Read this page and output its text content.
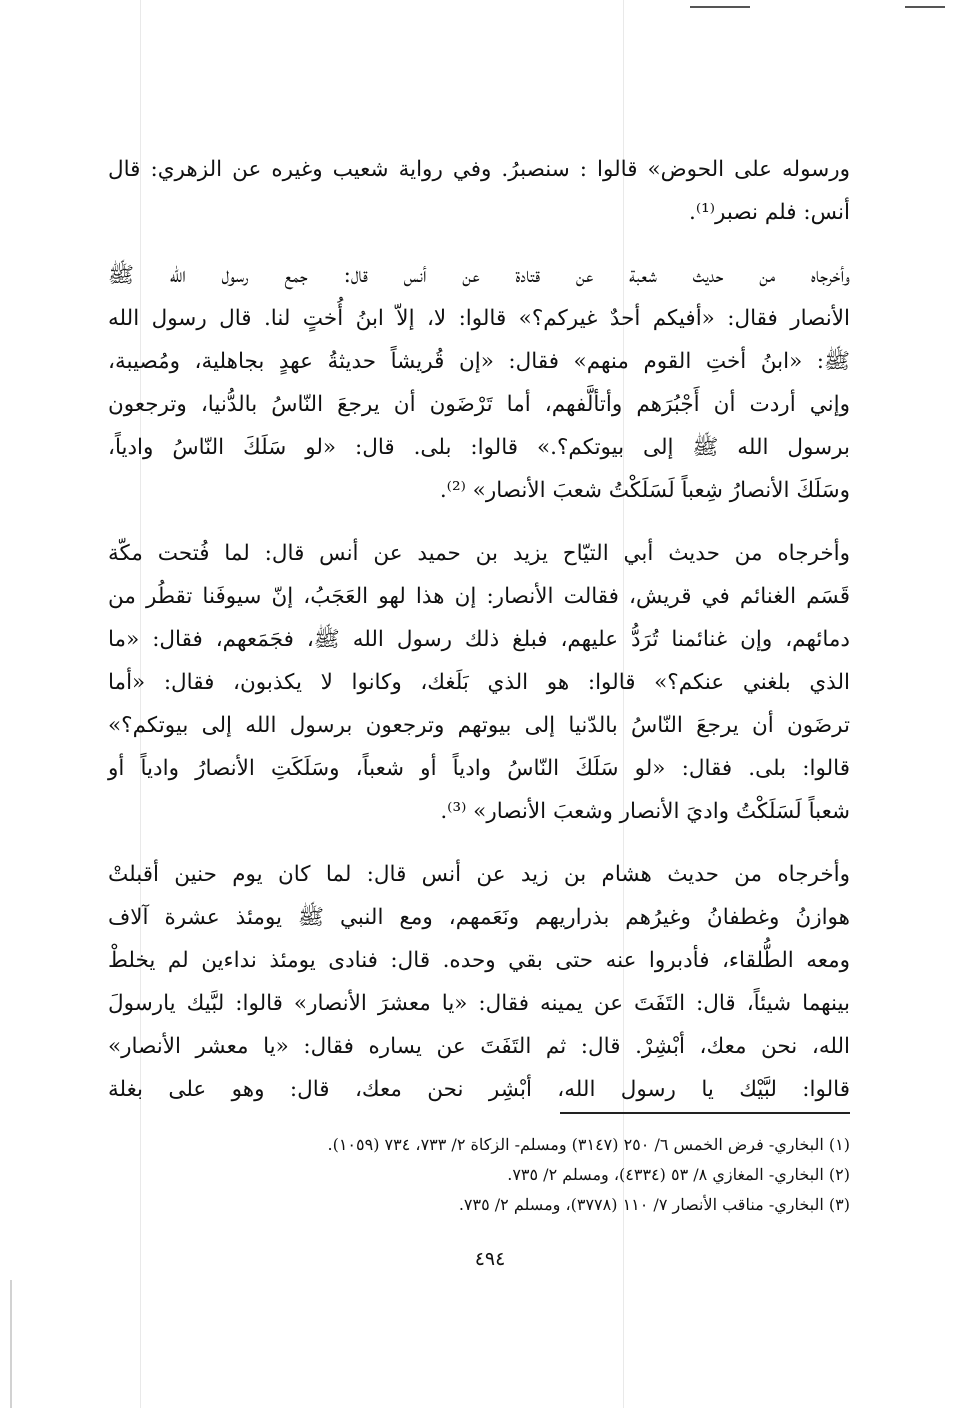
ورسوله على الحوض» قالوا : سنصبرُ. وفي رواية شعيب وغيره عن الزهري: قال
أنس: فلم نصبر⁽¹⁾.

وأخرجاه من حديث شعبة عن قتادة عن أنس قال: جمع رسول الله ﷺ
الأنصار فقال: «أفيكم أحدٌ غيركم؟» قالوا: لا، إلاّ ابنُ أُختٍ لنا. قال رسول الله
ﷺ: «ابنُ أختِ القوم منهم» فقال: «إن قُريشاً حديثةُ عهدٍ بجاهلية، ومُصيبة،
وإني أردت أن أَجْبُرَهم وأتألَّفهم، أما تَرْضَون أن يرجعَ النّاسُ بالدُّنيا، وترجعون
برسول الله ﷺ إلى بيوتكم؟.» قالوا: بلى. قال: «لو سَلَكَ النّاسُ وادياً،
وسَلَكَ الأنصارُ شِعباً لَسَلَكْتُ شعبَ الأنصار» ⁽²⁾.

وأخرجاه من حديث أبي التيّاح يزيد بن حميد عن أنس قال: لما فُتحت مكّة
قَسَم الغنائم في قريش، فقالت الأنصار: إن هذا لهو العَجَبُ، إنّ سيوفَنا تقطُر من
دمائهم، وإن غنائمنا تُرَدُّ عليهم، فبلغ ذلك رسول الله ﷺ، فجَمَعهم، فقال: «ما
الذي بلغني عنكم؟» قالوا: هو الذي بَلَغك، وكانوا لا يكذبون، فقال: «أما
ترضَون أن يرجعَ النّاسُ بالدّنيا إلى بيوتهم وترجعون برسول الله إلى بيوتكم؟»
قالوا: بلى. فقال: «لو سَلَكَ النّاسُ وادياً أو شعباً، وسَلَكَتِ الأنصارُ وادياً أو
شعباً لَسَلَكْتُ واديَ الأنصار وشعبَ الأنصار» ⁽³⁾.

وأخرجاه من حديث هشام بن زيد عن أنس قال: لما كان يوم حنين أقبلتْ
هوازنُ وغطفانُ وغيرُهم بذراريهم ونَعَمهم، ومع النبي ﷺ يومئذ عشرة آلاف
ومعه الطُّلقاء، فأدبروا عنه حتى بقي وحده. قال: فنادى يومئذ نداءين لم يخلطْ
بينهما شيئاً، قال: التَفَتَ عن يمينه فقال: «يا معشرَ الأنصار» قالوا: لبَّيك يارسولَ
الله، نحن معك، أبْشِرْ. قال: ثم التَفَتَ عن يساره فقال: «يا معشر الأنصار»
قالوا: لبَّيْك يا رسول الله، أبْشِر نحن معك، قال: وهو على بغلة

(١) البخاري- فرض الخمس ٦/ ٢٥٠ (٣١٤٧) ومسلم- الزكاة ٢/ ٧٣٣، ٧٣٤ (١٠٥٩).
(٢) البخاري- المغازي ٨/ ٥٣ (٤٣٣٤)، ومسلم ٢/ ٧٣٥.
(٣) البخاري- مناقب الأنصار ٧/ ١١٠ (٣٧٧٨)، ومسلم ٢/ ٧٣٥.
٤٩٤
